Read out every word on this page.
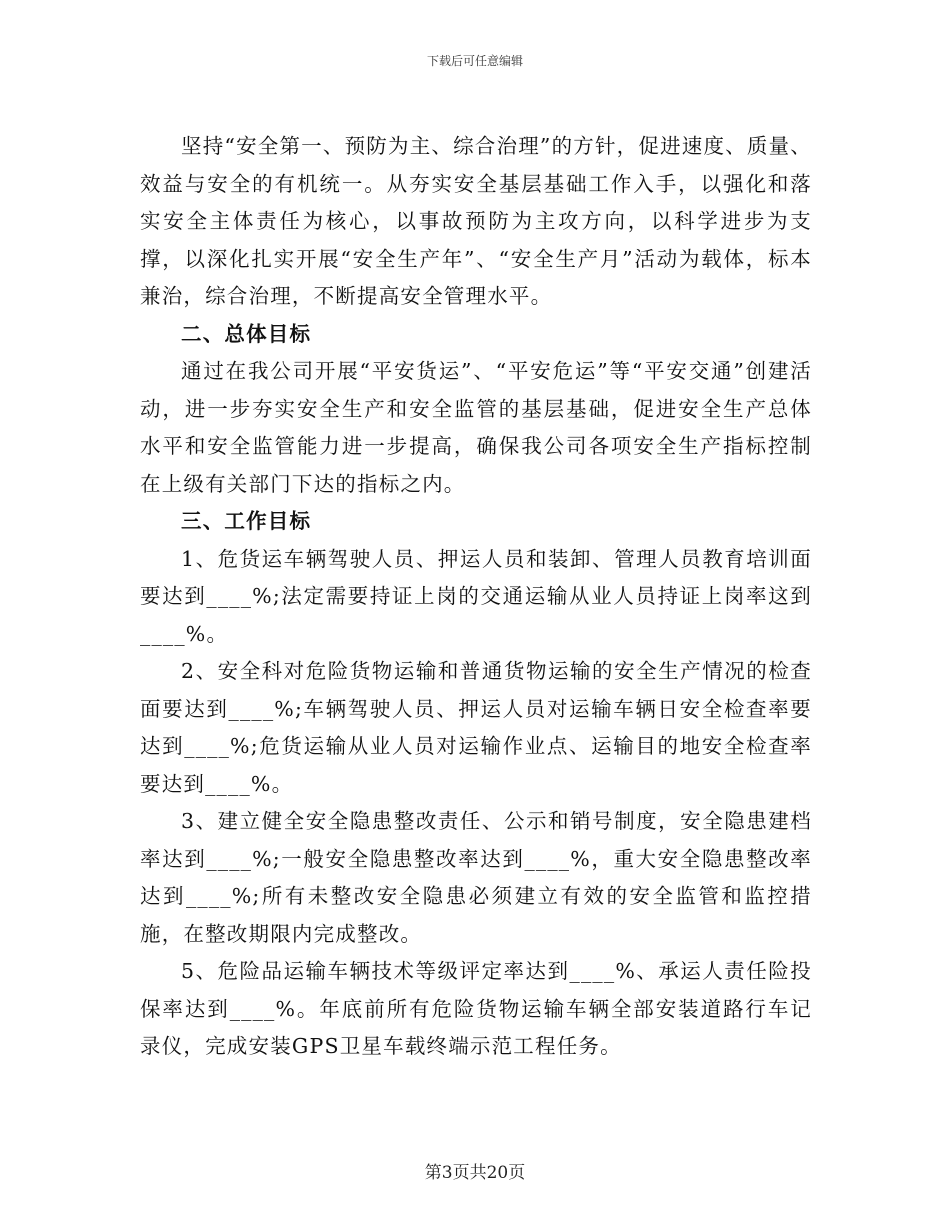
下载后可任意编辑

坚持“安全第一、预防为主、综合治理”的方针，促进速度、质量、效益与安全的有机统一。从夯实安全基层基础工作入手，以强化和落实安全主体责任为核心，以事故预防为主攻方向，以科学进步为支撑，以深化扎实开展“安全生产年”、“安全生产月”活动为载体，标本兼治，综合治理，不断提高安全管理水平。

二、总体目标

通过在我公司开展“平安货运”、“平安危运”等“平安交通”创建活动，进一步夯实安全生产和安全监管的基层基础，促进安全生产总体水平和安全监管能力进一步提高，确保我公司各项安全生产指标控制在上级有关部门下达的指标之内。

三、工作目标

1、危货运车辆驾驶人员、押运人员和装卸、管理人员教育培训面要达到____%;法定需要持证上岗的交通运输从业人员持证上岗率这到____%。

2、安全科对危险货物运输和普通货物运输的安全生产情况的检查面要达到____%;车辆驾驶人员、押运人员对运输车辆日安全检查率要达到____%;危货运输从业人员对运输作业点、运输目的地安全检查率要达到____%。

3、建立健全安全隐患整改责任、公示和销号制度，安全隐患建档率达到____%;一般安全隐患整改率达到____%，重大安全隐患整改率达到____%;所有未整改安全隐患必须建立有效的安全监管和监控措施，在整改期限内完成整改。

5、危险品运输车辆技术等级评定率达到____%、承运人责任险投保率达到____%。年底前所有危险货物运输车辆全部安装道路行车记录仪，完成安装GPS卫星车载终端示范工程任务。

第3页共20页
